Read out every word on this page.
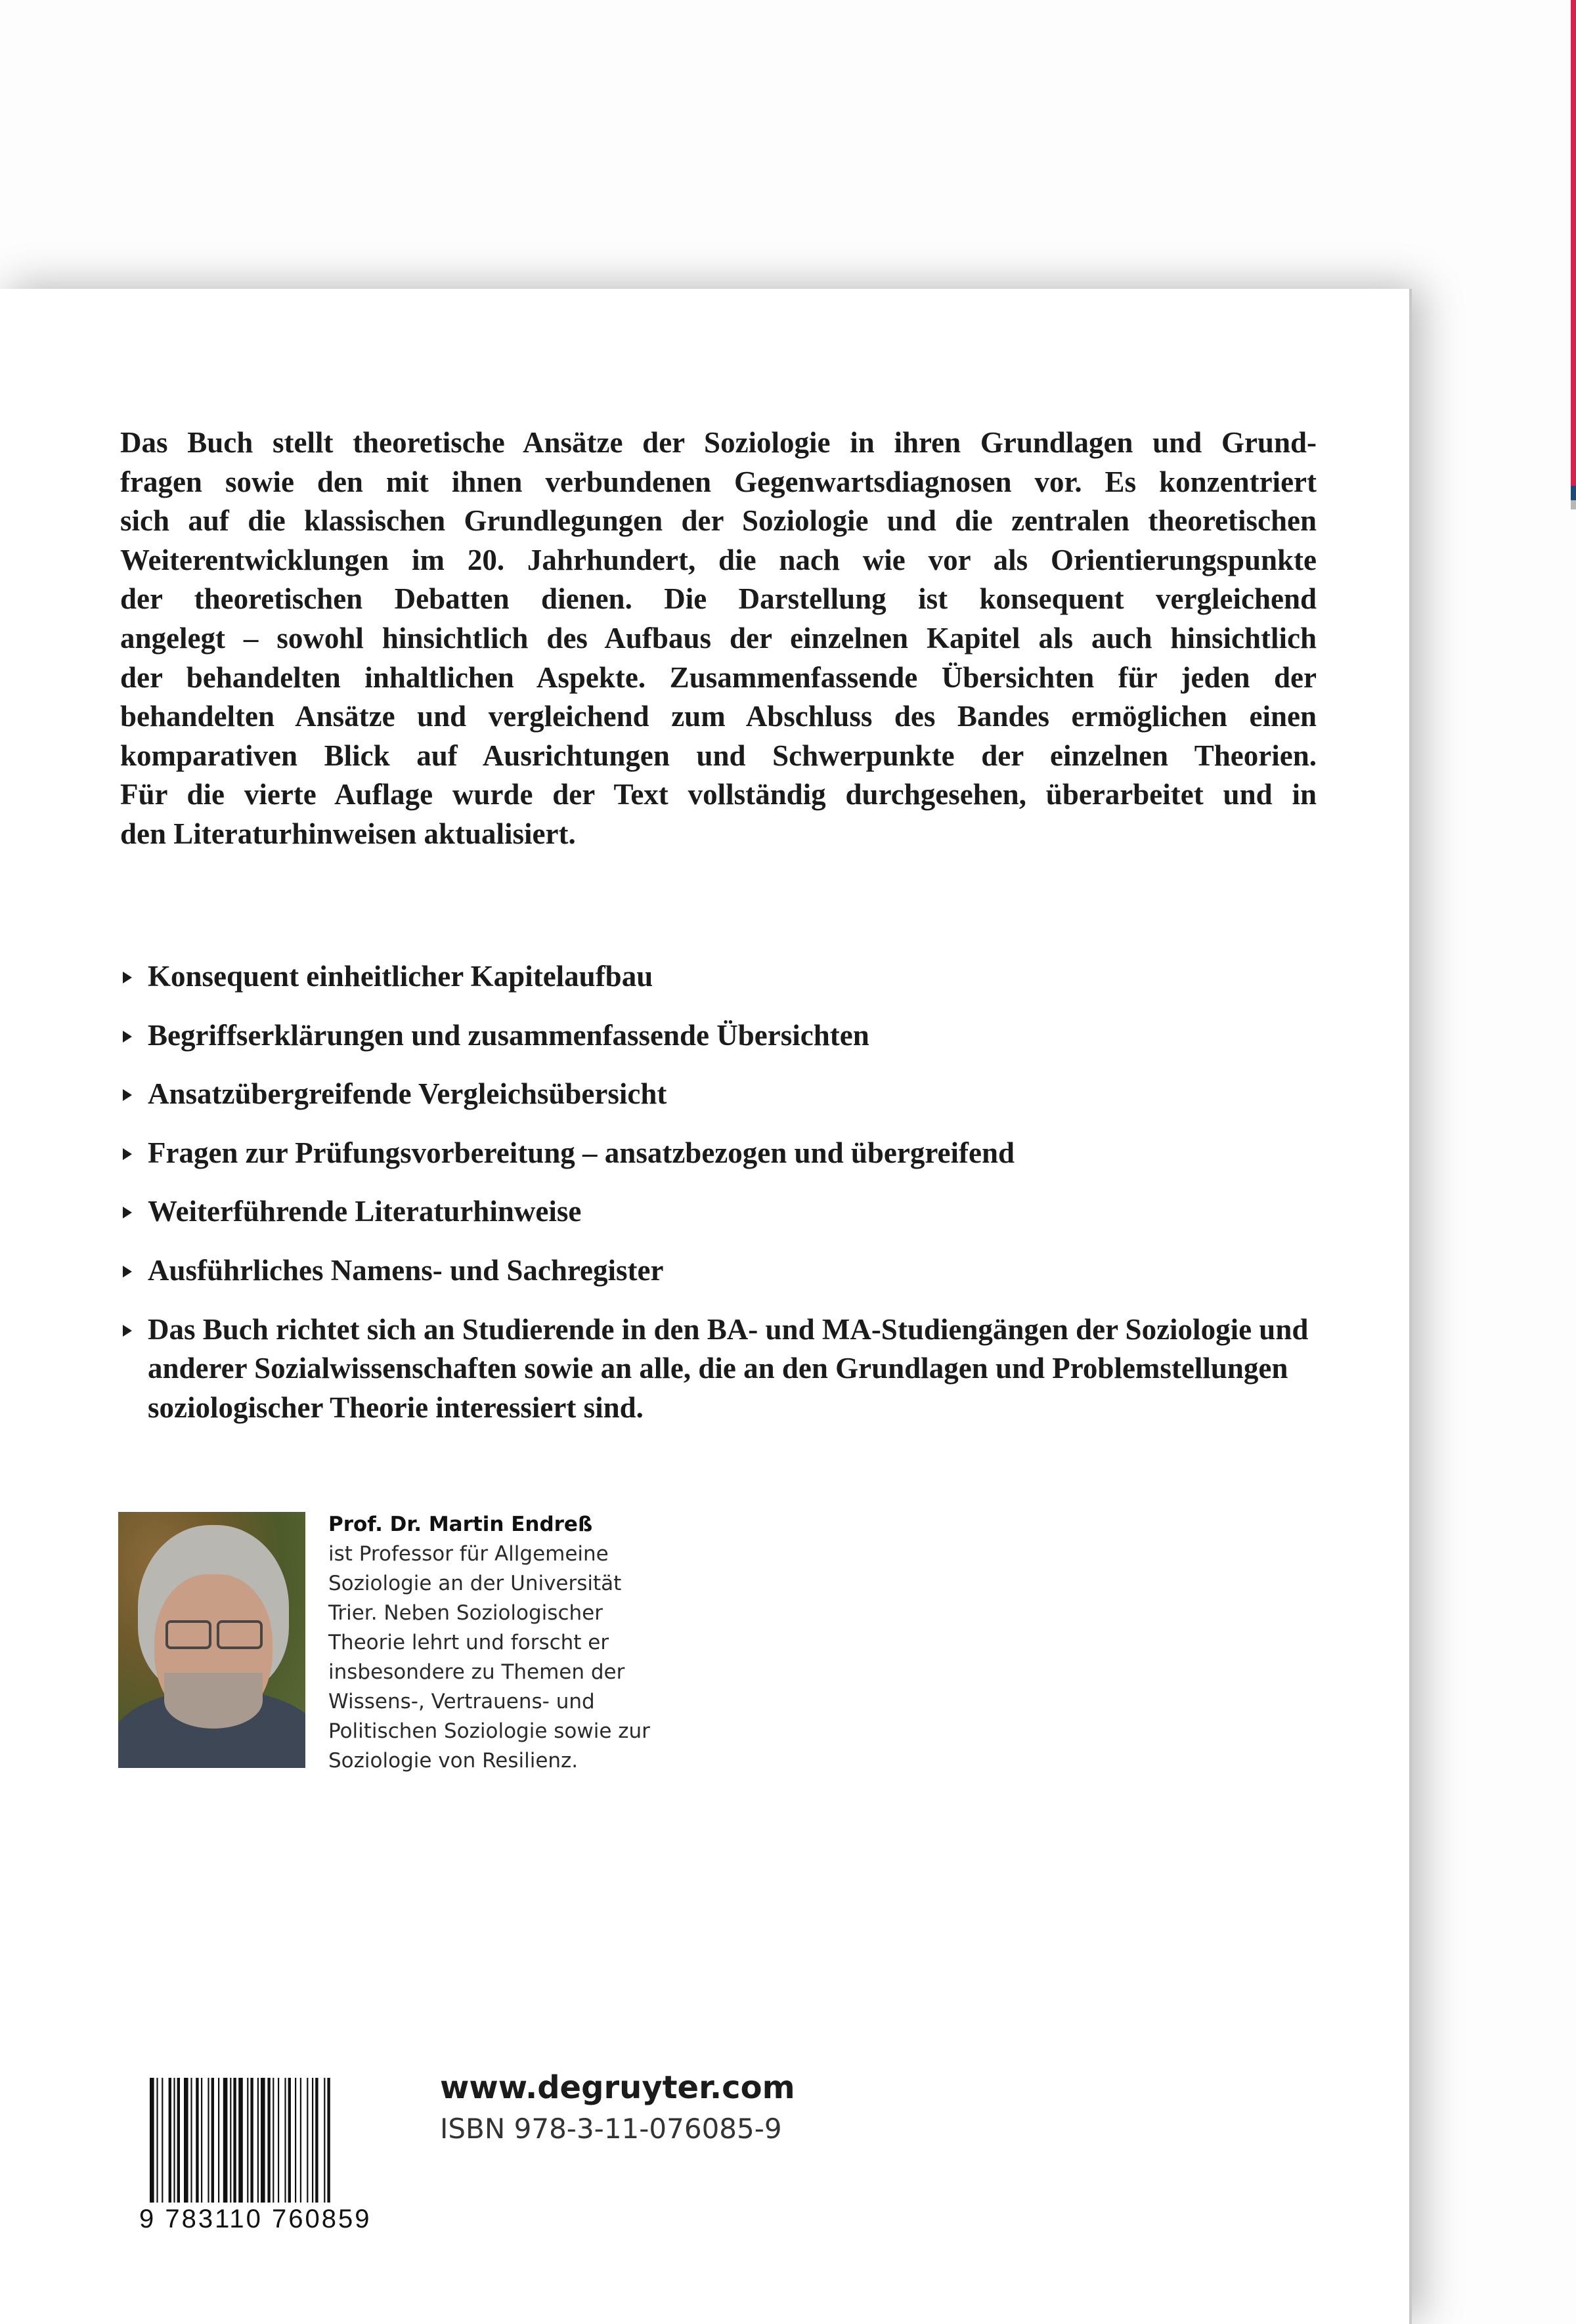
Das Buch stellt theoretische Ansätze der Soziologie in ihren Grundlagen und Grund-
fragen sowie den mit ihnen verbundenen Gegenwartsdiagnosen vor. Es konzentriert
sich auf die klassischen Grundlegungen der Soziologie und die zentralen theoretischen
Weiterentwicklungen im 20. Jahrhundert, die nach wie vor als Orientierungspunkte
der theoretischen Debatten dienen. Die Darstellung ist konsequent vergleichend
angelegt – sowohl hinsichtlich des Aufbaus der einzelnen Kapitel als auch hinsichtlich
der behandelten inhaltlichen Aspekte. Zusammenfassende Übersichten für jeden der
behandelten Ansätze und vergleichend zum Abschluss des Bandes ermöglichen einen
komparativen Blick auf Ausrichtungen und Schwerpunkte der einzelnen Theorien.
Für die vierte Auflage wurde der Text vollständig durchgesehen, überarbeitet und in
den Literaturhinweisen aktualisiert.
Konsequent einheitlicher Kapitelaufbau
Begriffserklärungen und zusammenfassende Übersichten
Ansatzübergreifende Vergleichsübersicht
Fragen zur Prüfungsvorbereitung – ansatzbezogen und übergreifend
Weiterführende Literaturhinweise
Ausführliches Namens- und Sachregister
Das Buch richtet sich an Studierende in den BA- und MA-Studiengängen der Soziologie und anderer Sozialwissenschaften sowie an alle, die an den Grundlagen und Problemstellungen soziologischer Theorie interessiert sind.
Prof. Dr. Martin Endreß
ist Professor für Allgemeine
Soziologie an der Universität
Trier. Neben Soziologischer
Theorie lehrt und forscht er
insbesondere zu Themen der
Wissens-, Vertrauens- und
Politischen Soziologie sowie zur
Soziologie von Resilienz.
9 783110 760859
www.degruyter.com
ISBN 978-3-11-076085-9
